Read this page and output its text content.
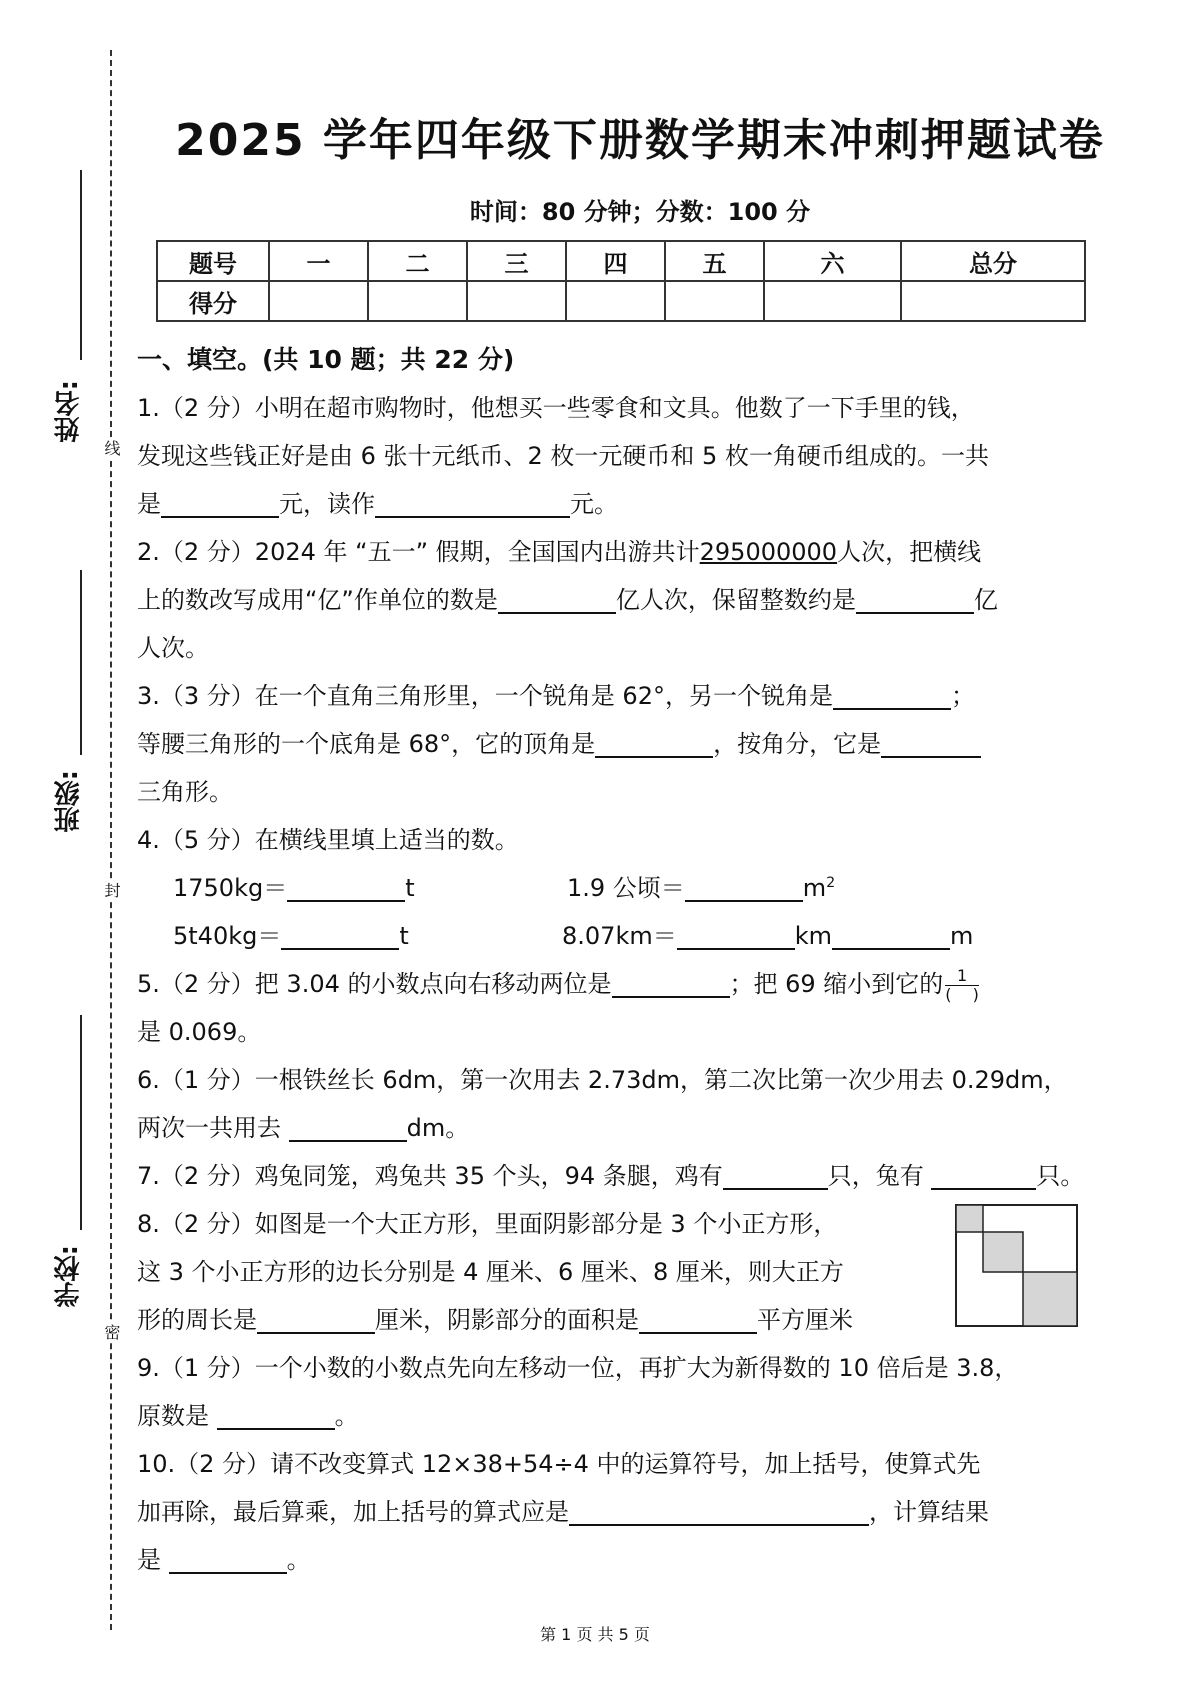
姓名:
线
班级:
封
学校:
密
2025 学年四年级下册数学期末冲刺押题试卷
时间：80 分钟；分数：100 分
题号	一	二	三	四	五	六	总分
得分							

一、填空。(共 10 题；共 22 分)

1.（2 分）小明在超市购物时，他想买一些零食和文具。他数了一下手里的钱，

发现这些钱正好是由 6 张十元纸币、2 枚一元硬币和 5 枚一角硬币组成的。一共

是	元，读作	元。

2.（2 分）2024 年 “五一” 假期，全国国内出游共计295000000人次，把横线

上的数改写成用“亿”作单位的数是	亿人次，保留整数约是	亿

人次。

3.（3 分）在一个直角三角形里，一个锐角是 62°，另一个锐角是	；

等腰三角形的一个底角是 68°，它的顶角是	，按角分，它是

三角形。

4.（5 分）在横线里填上适当的数。

1750kg＝	t	1.9 公顷＝	$m^2$

5t40kg＝	t	8.07km＝	km	m

5.（2 分）把 3.04 的小数点向右移动两位是	；把 69 缩小到它的 $\frac{1}{( )}$

是 0.069。

6.（1 分）一根铁丝长 6dm，第一次用去 2.73dm，第二次比第一次少用去 0.29dm，

两次一共用去	dm。

7.（2 分）鸡兔同笼，鸡兔共 35 个头，94 条腿，鸡有	只，兔有	只。

8.（2 分）如图是一个大正方形，里面阴影部分是 3 个小正方形，

这 3 个小正方形的边长分别是 4 厘米、6 厘米、8 厘米，则大正方

形的周长是	厘米，阴影部分的面积是	平方厘米

9.（1 分）一个小数的小数点先向左移动一位，再扩大为新得数的 10 倍后是 3.8，

原数是	。

10.（2 分）请不改变算式 12×38+54÷4 中的运算符号，加上括号，使算式先

加再除，最后算乘，加上括号的算式应是	，计算结果

是	。

第 1 页 共 5 页
